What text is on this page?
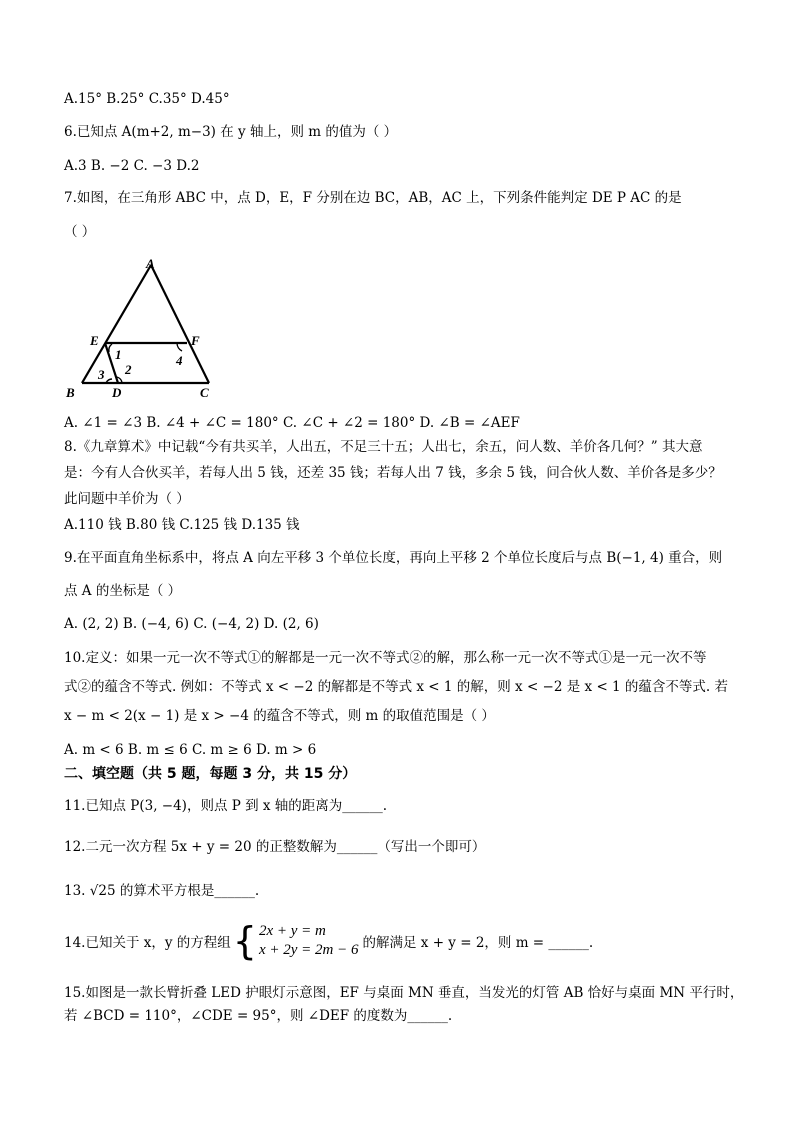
A.15° B.25° C.35° D.45°
6.已知点 A(m+2, m−3) 在 y 轴上，则 m 的值为（ ）
A.3 B. −2 C. −3 D.2
7.如图，在三角形 ABC 中，点 D，E，F 分别在边 BC，AB，AC 上，下列条件能判定 DE P AC 的是
（ ）
A
B	C
D
E	F
1
2
3
4
A. ∠1 = ∠3 B. ∠4 + ∠C = 180° C. ∠C + ∠2 = 180° D. ∠B = ∠AEF
8.《九章算术》中记载“今有共买羊，人出五，不足三十五；人出七，余五，问人数、羊价各几何？” 其大意
是：今有人合伙买羊，若每人出 5 钱，还差 35 钱；若每人出 7 钱，多余 5 钱，问合伙人数、羊价各是多少？
此问题中羊价为（ ）
A.110 钱 B.80 钱 C.125 钱 D.135 钱
9.在平面直角坐标系中，将点 A 向左平移 3 个单位长度，再向上平移 2 个单位长度后与点 B(−1, 4) 重合，则
点 A 的坐标是（ ）
A. (2, 2) B. (−4, 6) C. (−4, 2) D. (2, 6)
10.定义：如果一元一次不等式①的解都是一元一次不等式②的解，那么称一元一次不等式①是一元一次不等
式②的蕴含不等式. 例如：不等式 x < −2 的解都是不等式 x < 1 的解，则 x < −2 是 x < 1 的蕴含不等式. 若
x − m < 2(x − 1) 是 x > −4 的蕴含不等式，则 m 的取值范围是（ ）
A. m < 6 B. m ≤ 6 C. m ≥ 6 D. m > 6
二、填空题（共 5 题，每题 3 分，共 15 分）
11.已知点 P(3, −4)，则点 P 到 x 轴的距离为______.
12.二元一次方程 5x + y = 20 的正整数解为______（写出一个即可）
13. √25 的算术平方根是______.
14.已知关于 x，y 的方程组 { 2x + y = m
x + 2y = 2m − 6 的解满足 x + y = 2，则 m = ______.
15.如图是一款长臂折叠 LED 护眼灯示意图，EF 与桌面 MN 垂直，当发光的灯管 AB 恰好与桌面 MN 平行时，
若 ∠BCD = 110°，∠CDE = 95°，则 ∠DEF 的度数为______.
